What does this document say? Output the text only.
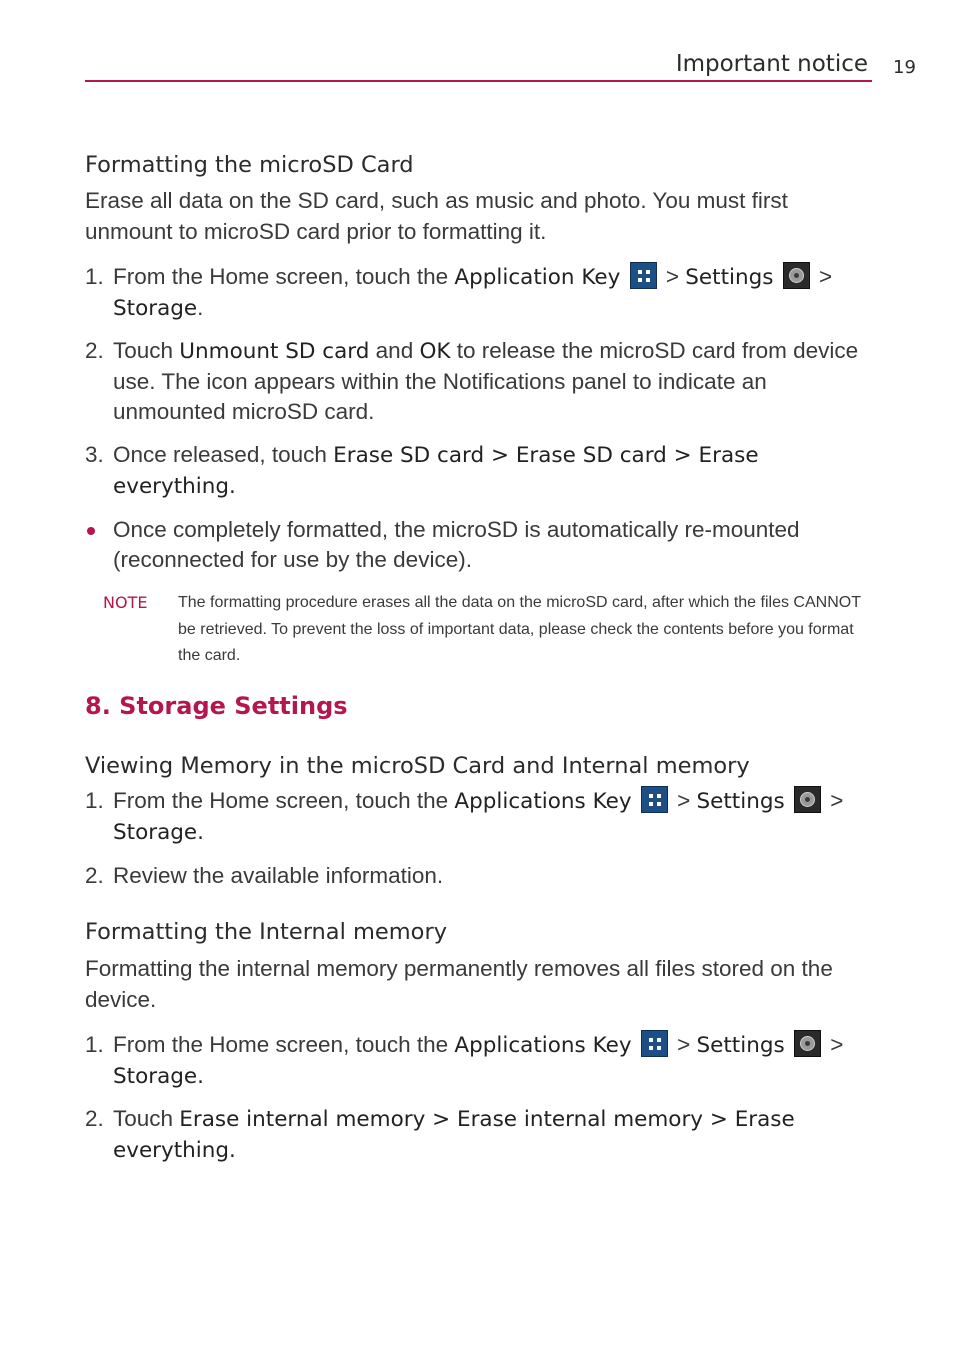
Important notice 19
Formatting the microSD Card
Erase all data on the SD card, such as music and photo. You must first unmount to microSD card prior to formatting it.
1. From the Home screen, touch the Application Key
> Settings  >
Storage.
2. Touch Unmount SD card and OK to release the microSD card from device use. The icon appears within the Notifications panel to indicate an unmounted microSD card.
3. Once released, touch Erase SD card > Erase SD card > Erase everything.
Once completely formatted, the microSD is automatically re-mounted (reconnected for use by the device).
NOTE The formatting procedure erases all the data on the microSD card, after which the files CANNOT be retrieved. To prevent the loss of important data, please check the contents before you format the card.
8. Storage Settings
Viewing Memory in the microSD Card and Internal memory
1. From the Home screen, touch the Applications Key
> Settings  >
Storage.
2. Review the available information.
Formatting the Internal memory
Formatting the internal memory permanently removes all files stored on the device.
1. From the Home screen, touch the Applications Key
> Settings  >
Storage.
2. Touch Erase internal memory > Erase internal memory > Erase everything.
